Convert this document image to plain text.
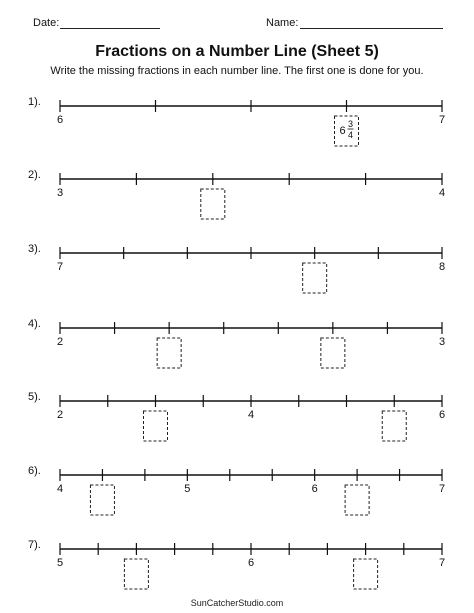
Date:	Name:
Fractions on a Number Line (Sheet 5)
Write the missing fractions in each number line. The first one is done for you.
1).
2).
3).
4).
5).
6).
7).
6	7
6
3
4
3	4
7	8
2	3
2	4	6
4	5	6	7
5	6	7
SunCatcherStudio.com
